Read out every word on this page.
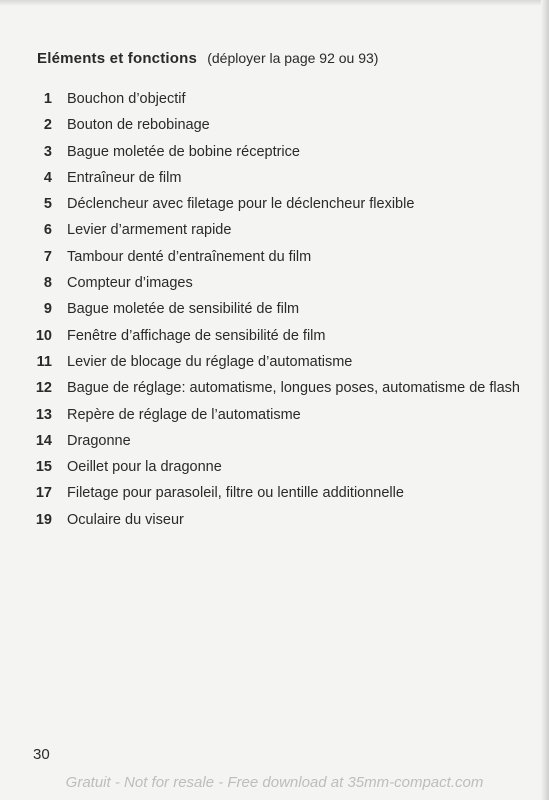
Eléments et fonctions (déployer la page 92 ou 93)
1 Bouchon d’objectif
2 Bouton de rebobinage
3 Bague moletée de bobine réceptrice
4 Entraîneur de film
5 Déclencheur avec filetage pour le déclencheur flexible
6 Levier d’armement rapide
7 Tambour denté d’entraînement du film
8 Compteur d’images
9 Bague moletée de sensibilité de film
10 Fenêtre d’affichage de sensibilité de film
11 Levier de blocage du réglage d’automatisme
12 Bague de réglage: automatisme, longues poses, automatisme de flash
13 Repère de réglage de l’automatisme
14 Dragonne
15 Oeillet pour la dragonne
17 Filetage pour parasoleil, filtre ou lentille additionnelle
19 Oculaire du viseur
30
Gratuit - Not for resale - Free download at 35mm-compact.com
